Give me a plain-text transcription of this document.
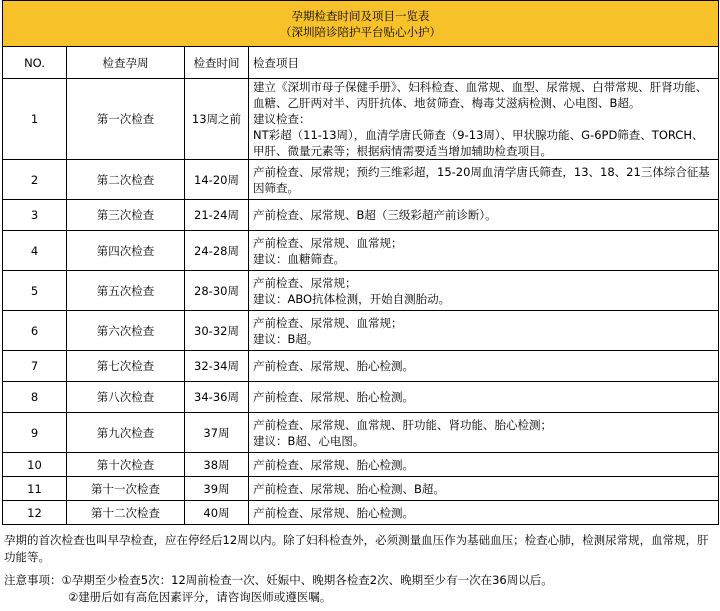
孕期检查时间及项目一览表
（深圳陪诊陪护平台贴心小护）			

NO.	检查孕周	检查时间	检查项目
1	第一次检查	13周之前	建立《深圳市母子保健手册》、妇科检查、血常规、血型、尿常规、白带常规、肝肾功能、血糖、乙肝两对半、丙肝抗体、地贫筛查、梅毒艾滋病检测、心电图、B超。
建议检查：
NT彩超（11-13周），血清学唐氏筛查（9-13周）、甲状腺功能、G-6PD筛查、TORCH、甲肝、微量元素等；根据病情需要适当增加辅助检查项目。

2	第二次检查	14-20周	产前检查、尿常规；预约三维彩超，15-20周血清学唐氏筛查，13、18、21三体综合征基因筛查。

3	第三次检查	21-24周	产前检查、尿常规、B超（三级彩超产前诊断）。

4	第四次检查	24-28周	产前检查、尿常规、血常规；
建议：血糖筛查。

5	第五次检查	28-30周	产前检查、尿常规；
建议：ABO抗体检测，开始自测胎动。

6	第六次检查	30-32周	产前检查、尿常规、血常规；
建议：B超。

7	第七次检查	32-34周	产前检查、尿常规、胎心检测。

8	第八次检查	34-36周	产前检查、尿常规、胎心检测。

9	第九次检查	37周	产前检查、尿常规、血常规、肝功能、肾功能、胎心检测；
建议：B超、心电图。

10	第十次检查	38周	产前检查、尿常规、胎心检测。

11	第十一次检查	39周	产前检查、尿常规、胎心检测、B超。

12	第十二次检查	40周	产前检查、尿常规、胎心检测。

孕期的首次检查也叫早孕检查，应在停经后12周以内。除了妇科检查外，必须测量血压作为基础血压；检查心肺，检测尿常规，血常规，肝功能等。

注意事项：①孕期至少检查5次：12周前检查一次、妊娠中、晚期各检查2次、晚期至少有一次在36周以后。

②建册后如有高危因素评分，请咨询医师或遵医嘱。
